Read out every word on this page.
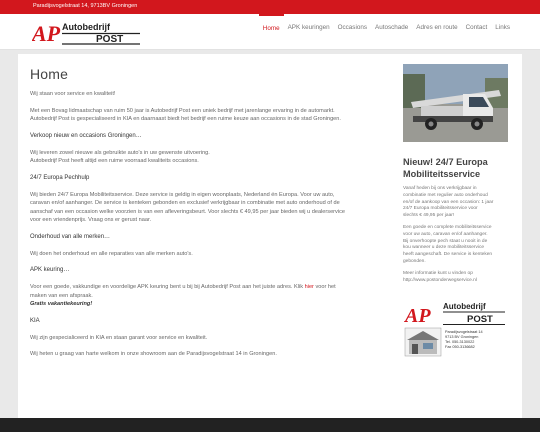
Paradijsvogelstraat 14, 9713BV Groningen
AP Autobedrijf
POST
Home	APK keuringen	Occasions	Autoschade	Adres en route	Contact	Links
Home

Wij staan voor service en kwaliteit!

Met een Bovag lidmaatschap van ruim 50 jaar is Autobedrijf Post een uniek bedrijf met jarenlange ervaring in de automarkt.

Autobedrijf Post is gespecialiseerd in KIA en daarnaast biedt het bedrijf een ruime keuze aan occasions in de stad Groningen.

Verkoop nieuw en occasions Groningen…

Wij leveren zowel nieuwe als gebruikte auto's in uw gewenste uitvoering.

Autobedrijf Post heeft altijd een ruime voorraad kwaliteits occasions.

24/7 Europa Pechhulp

Wij bieden 24/7 Europa Mobiliteitsservice. Deze service is geldig in eigen woonplaats, Nederland én Europa. Voor uw auto,

caravan en/of aanhanger. De service is kenteken gebonden en exclusief verkrijgbaar in combinatie met auto onderhoud of de

aanschaf van een occasion welke voorzien is van een afleveringsbeurt. Voor slechts € 49,95 per jaar bieden wij u dealerservice

voor een vriendenprijs. Vraag ons er gerust naar.

Onderhoud van alle merken…

Wij doen het onderhoud en alle reparaties van alle merken auto's.

APK keuring…

Voor een goede, vakkundige en voordelige APK keuring bent u bij bij Autobedrijf Post aan het juiste adres. Klik hier voor het

maken van een afspraak.

Gratis vakantiekeuring!

KIA

Wij zijn gespecialiceerd in KIA en staan garant voor service en kwaliteit.

Wij heten u graag van harte welkom in onze showroom aan de Paradijsvogelstraat 14 in Groningen.

Nieuw! 24/7 Europa Mobiliteitsservice

Vanaf heden bij ons verkrijgbaar in
combinatie met regulier auto onderhoud
en/of de aankoop van een occasion: 1 jaar
24/7 Europa mobiliteitsservice voor
slechts € 49,95 per jaar!

Een goede en complete mobiliteitsservice
voor uw auto, caravan en/of aanhanger.
Bij onverhoopte pech staat u nooit in de
kou wanneer u deze mobiliteitsservice
heeft aangeschaft. De service is kenteken
gebonden.

Meer informatie kunt u vinden op
http://www.postonderwegservice.nl

AP Autobedrijf
POST
Paradijsvogelstraat 14
9713 BV Groningen
Tel. 050-3130022
Fax 050-3136682
